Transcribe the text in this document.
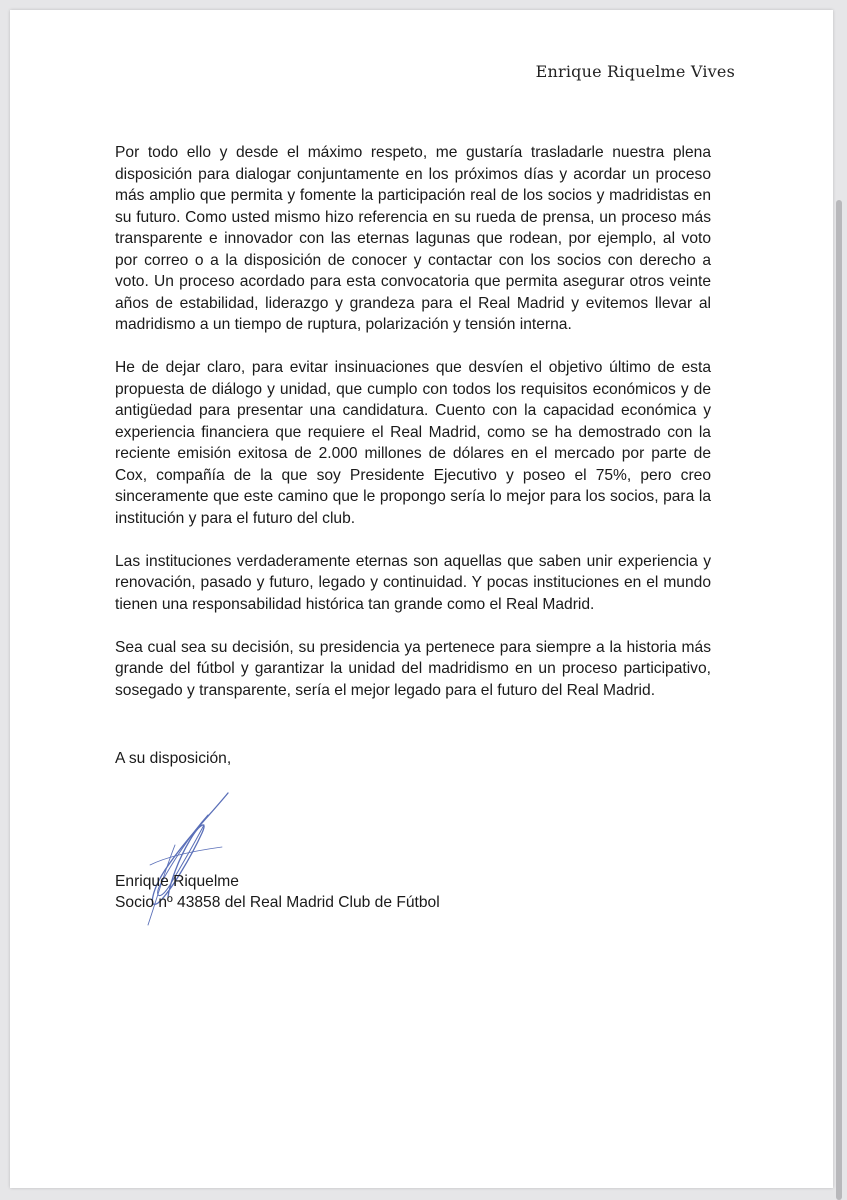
Enrique Riquelme Vives

Por todo ello y desde el máximo respeto, me gustaría trasladarle nuestra plena disposición para dialogar conjuntamente en los próximos días y acordar un proceso más amplio que permita y fomente la participación real de los socios y madridistas en su futuro. Como usted mismo hizo referencia en su rueda de prensa, un proceso más transparente e innovador con las eternas lagunas que rodean, por ejemplo, al voto por correo o a la disposición de conocer y contactar con los socios con derecho a voto. Un proceso acordado para esta convocatoria que permita asegurar otros veinte años de estabilidad, liderazgo y grandeza para el Real Madrid y evitemos llevar al madridismo a un tiempo de ruptura, polarización y tensión interna.

He de dejar claro, para evitar insinuaciones que desvíen el objetivo último de esta propuesta de diálogo y unidad, que cumplo con todos los requisitos económicos y de antigüedad para presentar una candidatura. Cuento con la capacidad económica y experiencia financiera que requiere el Real Madrid, como se ha demostrado con la reciente emisión exitosa de 2.000 millones de dólares en el mercado por parte de Cox, compañía de la que soy Presidente Ejecutivo y poseo el 75%, pero creo sinceramente que este camino que le propongo sería lo mejor para los socios, para la institución y para el futuro del club.

Las instituciones verdaderamente eternas son aquellas que saben unir experiencia y renovación, pasado y futuro, legado y continuidad. Y pocas instituciones en el mundo tienen una responsabilidad histórica tan grande como el Real Madrid.

Sea cual sea su decisión, su presidencia ya pertenece para siempre a la historia más grande del fútbol y garantizar la unidad del madridismo en un proceso participativo, sosegado y transparente, sería el mejor legado para el futuro del Real Madrid.

A su disposición,

Enrique Riquelme

Socio nº 43858 del Real Madrid Club de Fútbol
